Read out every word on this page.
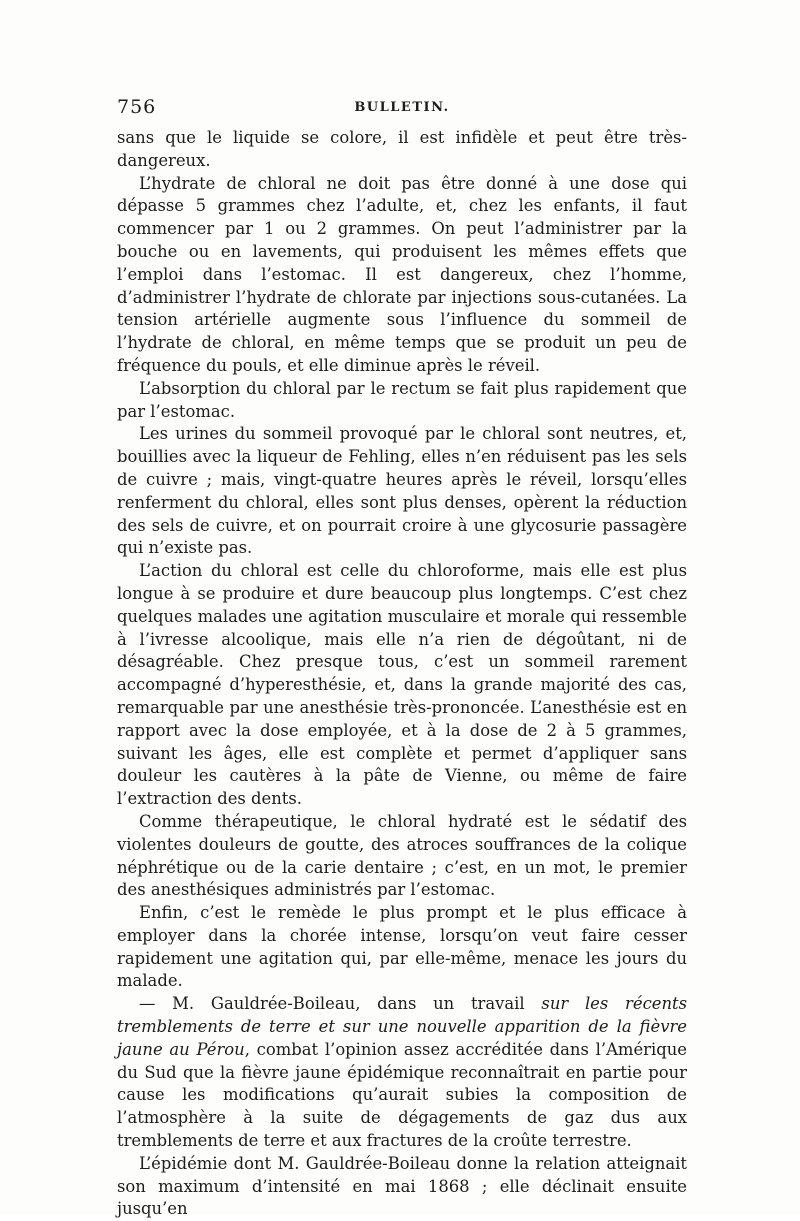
756	BULLETIN.

sans que le liquide se colore, il est infidèle et peut être très-dangereux.

L’hydrate de chloral ne doit pas être donné à une dose qui dépasse 5 grammes chez l’adulte, et, chez les enfants, il faut commencer par 1 ou 2 grammes. On peut l’administrer par la bouche ou en lavements, qui produisent les mêmes effets que l’emploi dans l’estomac. Il est dangereux, chez l’homme, d’administrer l’hydrate de chlorate par injections sous-cutanées. La tension artérielle augmente sous l’influence du sommeil de l’hydrate de chloral, en même temps que se produit un peu de fréquence du pouls, et elle diminue après le réveil.

L’absorption du chloral par le rectum se fait plus rapidement que par l’estomac.

Les urines du sommeil provoqué par le chloral sont neutres, et, bouillies avec la liqueur de Fehling, elles n’en réduisent pas les sels de cuivre ; mais, vingt-quatre heures après le réveil, lorsqu’elles renferment du chloral, elles sont plus denses, opèrent la réduction des sels de cuivre, et on pourrait croire à une glycosurie passagère qui n’existe pas.

L’action du chloral est celle du chloroforme, mais elle est plus longue à se produire et dure beaucoup plus longtemps. C’est chez quelques malades une agitation musculaire et morale qui ressemble à l’ivresse alcoolique, mais elle n’a rien de dégoûtant, ni de désagréable. Chez presque tous, c’est un sommeil rarement accompagné d’hyperesthésie, et, dans la grande majorité des cas, remarquable par une anesthésie très-prononcée. L’anesthésie est en rapport avec la dose employée, et à la dose de 2 à 5 grammes, suivant les âges, elle est complète et permet d’appliquer sans douleur les cautères à la pâte de Vienne, ou même de faire l’extraction des dents.

Comme thérapeutique, le chloral hydraté est le sédatif des violentes douleurs de goutte, des atroces souffrances de la colique néphrétique ou de la carie dentaire ; c’est, en un mot, le premier des anesthésiques administrés par l’estomac.

Enfin, c’est le remède le plus prompt et le plus efficace à employer dans la chorée intense, lorsqu’on veut faire cesser rapidement une agitation qui, par elle-même, menace les jours du malade.

— M. Gauldrée-Boileau, dans un travail sur les récents tremblements de terre et sur une nouvelle apparition de la fièvre jaune au Pérou, combat l’opinion assez accréditée dans l’Amérique du Sud que la fièvre jaune épidémique reconnaîtrait en partie pour cause les modifications qu’aurait subies la composition de l’atmosphère à la suite de dégagements de gaz dus aux tremblements de terre et aux fractures de la croûte terrestre.

L’épidémie dont M. Gauldrée-Boileau donne la relation atteignait son maximum d’intensité en mai 1868 ; elle déclinait ensuite jusqu’en
